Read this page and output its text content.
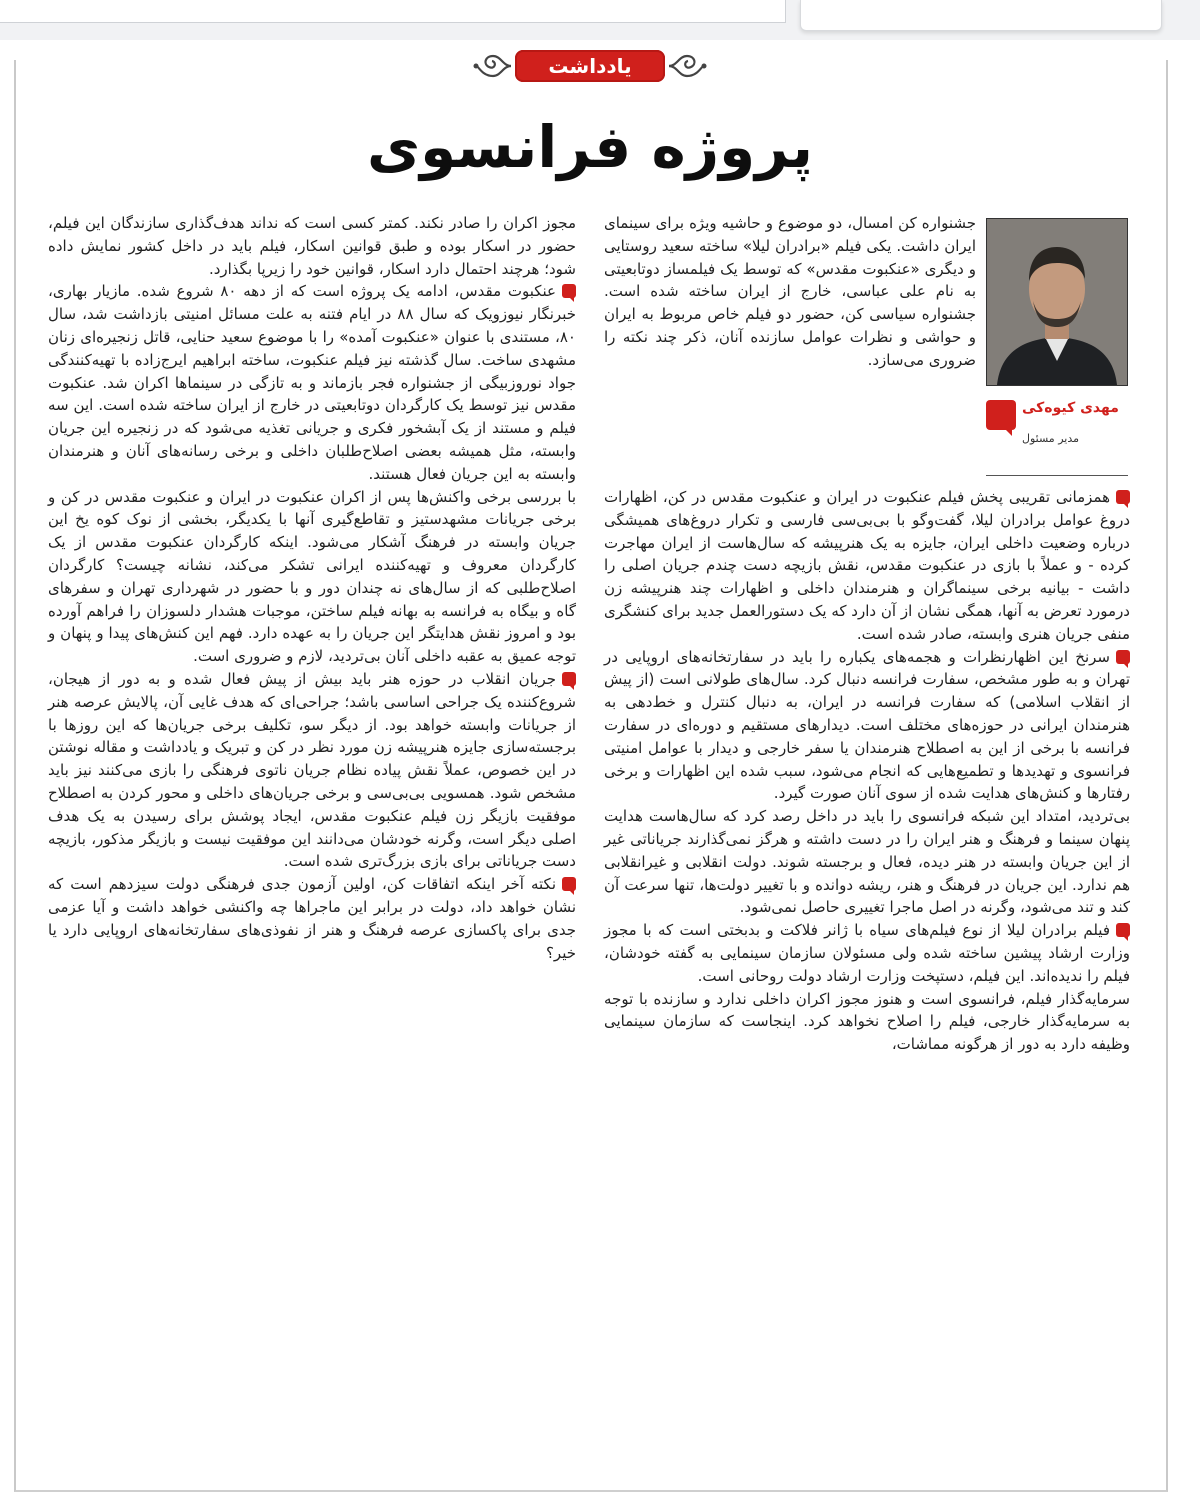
یادداشت
پروژه فرانسوی
مهدی کیوه‌کی
مدیر مسئول

جشنواره کن امسال، دو موضوع و حاشیه ویژه برای سینمای ایران داشت. یکی فیلم «برادران لیلا» ساخته سعید روستایی و دیگری «عنکبوت مقدس» که توسط یک فیلمساز دوتابعیتی به نام علی عباسی، خارج از ایران ساخته شده است. جشنواره سیاسی کن، حضور دو فیلم خاص مربوط به ایران و حواشی و نظرات عوامل سازنده آنان، ذکر چند نکته را ضروری می‌سازد.

همزمانی تقریبی پخش فیلم عنکبوت در ایران و عنکبوت مقدس در کن، اظهارات دروغ عوامل برادران لیلا، گفت‌وگو با بی‌بی‌سی فارسی و تکرار دروغ‌های همیشگی درباره وضعیت داخلی ایران، جایزه به یک هنرپیشه که سال‌هاست از ایران مهاجرت کرده - و عملاً با بازی در عنکبوت مقدس، نقش بازیچه دست چندم جریان اصلی را داشت - بیانیه برخی سینماگران و هنرمندان داخلی و اظهارات چند هنرپیشه زن درمورد تعرض به آنها، همگی نشان از آن دارد که یک دستورالعمل جدید برای کنشگری منفی جریان هنری وابسته، صادر شده است.

سرنخ این اظهارنظرات و هجمه‌های یکباره را باید در سفارتخانه‌های اروپایی در تهران و به طور مشخص، سفارت فرانسه دنبال کرد. سال‌های طولانی است (از پیش از انقلاب اسلامی) که سفارت فرانسه در ایران، به دنبال کنترل و خط‌دهی به هنرمندان ایرانی در حوزه‌های مختلف است. دیدارهای مستقیم و دوره‌ای در سفارت فرانسه با برخی از این به اصطلاح هنرمندان یا سفر خارجی و دیدار با عوامل امنیتی فرانسوی و تهدیدها و تطمیع‌هایی که انجام می‌شود، سبب شده این اظهارات و برخی رفتارها و کنش‌های هدایت شده از سوی آنان صورت گیرد.

بی‌تردید، امتداد این شبکه فرانسوی را باید در داخل رصد کرد که سال‌هاست هدایت پنهان سینما و فرهنگ و هنر ایران را در دست داشته و هرگز نمی‌گذارند جریاناتی غیر از این جریان وابسته در هنر دیده، فعال و برجسته شوند. دولت انقلابی و غیرانقلابی هم ندارد. این جریان در فرهنگ و هنر، ریشه دوانده و با تغییر دولت‌ها، تنها سرعت آن کند و تند می‌شود، وگرنه در اصل ماجرا تغییری حاصل نمی‌شود.

فیلم برادران لیلا از نوع فیلم‌های سیاه با ژانر فلاکت و بدبختی است که با مجوز وزارت ارشاد پیشین ساخته شده ولی مسئولان سازمان سینمایی به گفته خودشان، فیلم را ندیده‌اند. این فیلم، دستپخت وزارت ارشاد دولت روحانی است.

سرمایه‌گذار فیلم، فرانسوی است و هنوز مجوز اکران داخلی ندارد و سازنده با توجه به سرمایه‌گذار خارجی، فیلم را اصلاح نخواهد کرد. اینجاست که سازمان سینمایی وظیفه دارد به دور از هرگونه مماشات،

مجوز اکران را صادر نکند. کمتر کسی است که نداند هدف‌گذاری سازندگان این فیلم، حضور در اسکار بوده و طبق قوانین اسکار، فیلم باید در داخل کشور نمایش داده شود؛ هرچند احتمال دارد اسکار، قوانین خود را زیرپا بگذارد.

عنکبوت مقدس، ادامه یک پروژه است که از دهه ۸۰ شروع شده. مازیار بهاری، خبرنگار نیوزویک که سال ۸۸ در ایام فتنه به علت مسائل امنیتی بازداشت شد، سال ۸۰، مستندی با عنوان «عنکبوت آمده» را با موضوع سعید حنایی، قاتل زنجیره‌ای زنان مشهدی ساخت. سال گذشته نیز فیلم عنکبوت، ساخته ابراهیم ایرج‌زاده با تهیه‌کنندگی جواد نوروزبیگی از جشنواره فجر بازماند و به تازگی در سینماها اکران شد. عنکبوت مقدس نیز توسط یک کارگردان دوتابعیتی در خارج از ایران ساخته شده است. این سه فیلم و مستند از یک آبشخور فکری و جریانی تغذیه می‌شود که در زنجیره این جریان وابسته، مثل همیشه بعضی اصلاح‌طلبان داخلی و برخی رسانه‌های آنان و هنرمندان وابسته به این جریان فعال هستند.

با بررسی برخی واکنش‌ها پس از اکران عنکبوت در ایران و عنکبوت مقدس در کن و برخی جریانات مشهدستیز و تقاطع‌گیری آنها با یکدیگر، بخشی از نوک کوه یخ این جریان وابسته در فرهنگ آشکار می‌شود. اینکه کارگردان عنکبوت مقدس از یک کارگردان معروف و تهیه‌کننده ایرانی تشکر می‌کند، نشانه چیست؟ کارگردان اصلاح‌طلبی که از سال‌های نه چندان دور و با حضور در شهرداری تهران و سفرهای گاه و بیگاه به فرانسه به بهانه فیلم ساختن، موجبات هشدار دلسوزان را فراهم آورده بود و امروز نقش هدایتگر این جریان را به عهده دارد. فهم این کنش‌های پیدا و پنهان و توجه عمیق به عقبه داخلی آنان بی‌تردید، لازم و ضروری است.

جریان انقلاب در حوزه هنر باید بیش از پیش فعال شده و به دور از هیجان، شروع‌کننده یک جراحی اساسی باشد؛ جراحی‌ای که هدف غایی آن، پالایش عرصه هنر از جریانات وابسته خواهد بود. از دیگر سو، تکلیف برخی جریان‌ها که این روزها با برجسته‌سازی جایزه هنرپیشه زن مورد نظر در کن و تبریک و یادداشت و مقاله نوشتن در این خصوص، عملاً نقش پیاده نظام جریان ناتوی فرهنگی را بازی می‌کنند نیز باید مشخص شود. همسویی بی‌بی‌سی و برخی جریان‌های داخلی و محور کردن به اصطلاح موفقیت بازیگر زن فیلم عنکبوت مقدس، ایجاد پوشش برای رسیدن به یک هدف اصلی دیگر است، وگرنه خودشان می‌دانند این موفقیت نیست و بازیگر مذکور، بازیچه دست جریاناتی برای بازی بزرگ‌تری شده است.

نکته آخر اینکه اتفاقات کن، اولین آزمون جدی فرهنگی دولت سیزدهم است که نشان خواهد داد، دولت در برابر این ماجراها چه واکنشی خواهد داشت و آیا عزمی جدی برای پاکسازی عرصه فرهنگ و هنر از نفوذی‌های سفارتخانه‌های اروپایی دارد یا خیر؟
